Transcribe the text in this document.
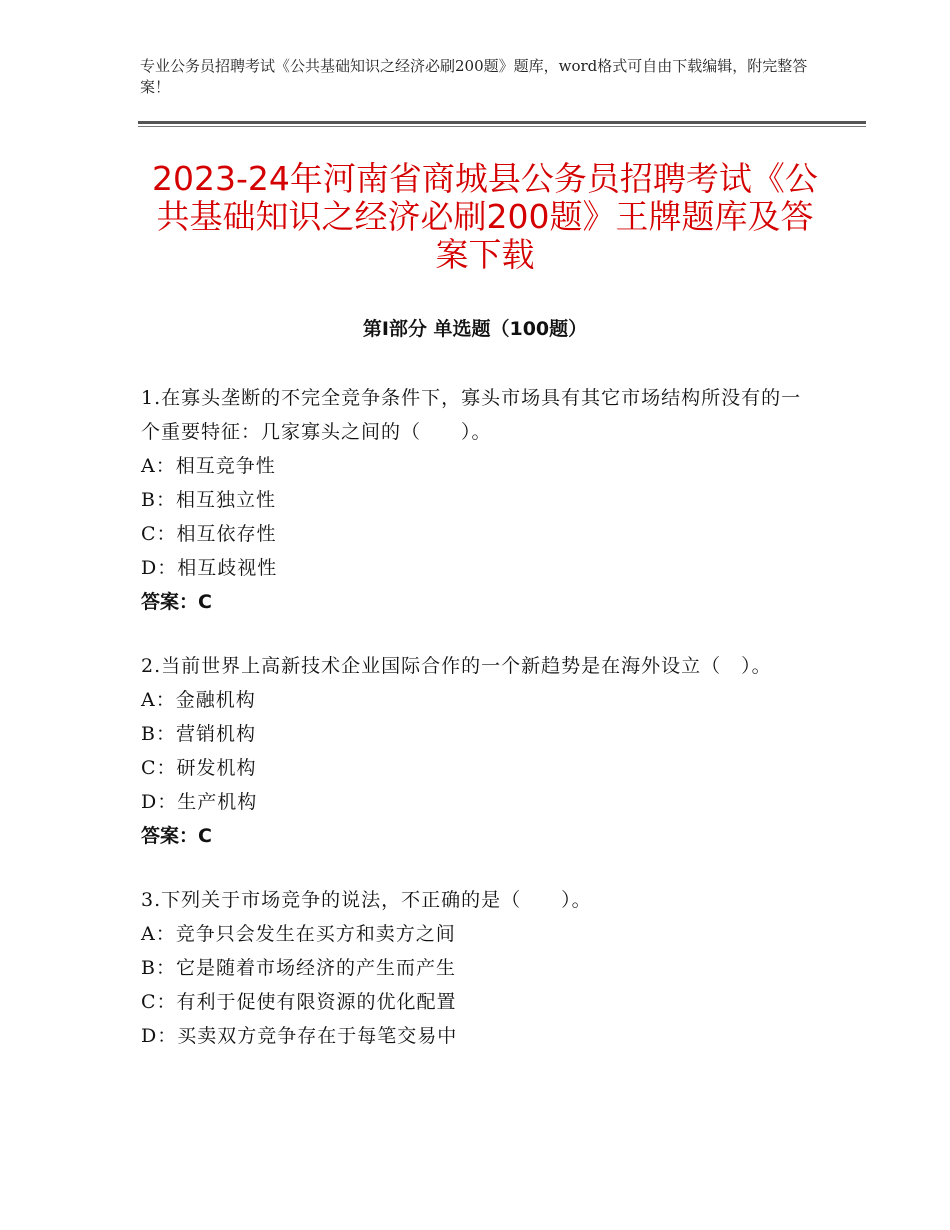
专业公务员招聘考试《公共基础知识之经济必刷200题》题库，word格式可自由下载编辑，附完整答案！
2023-24年河南省商城县公务员招聘考试《公共基础知识之经济必刷200题》王牌题库及答案下载
第Ⅰ部分 单选题（100题）
1.在寡头垄断的不完全竞争条件下，寡头市场具有其它市场结构所没有的一个重要特征：几家寡头之间的（　　）。
A：相互竞争性
B：相互独立性
C：相互依存性
D：相互歧视性
答案：C
2.当前世界上高新技术企业国际合作的一个新趋势是在海外设立（　）。
A：金融机构
B：营销机构
C：研发机构
D：生产机构
答案：C
3.下列关于市场竞争的说法，不正确的是（　　）。
A：竞争只会发生在买方和卖方之间
B：它是随着市场经济的产生而产生
C：有利于促使有限资源的优化配置
D：买卖双方竞争存在于每笔交易中
